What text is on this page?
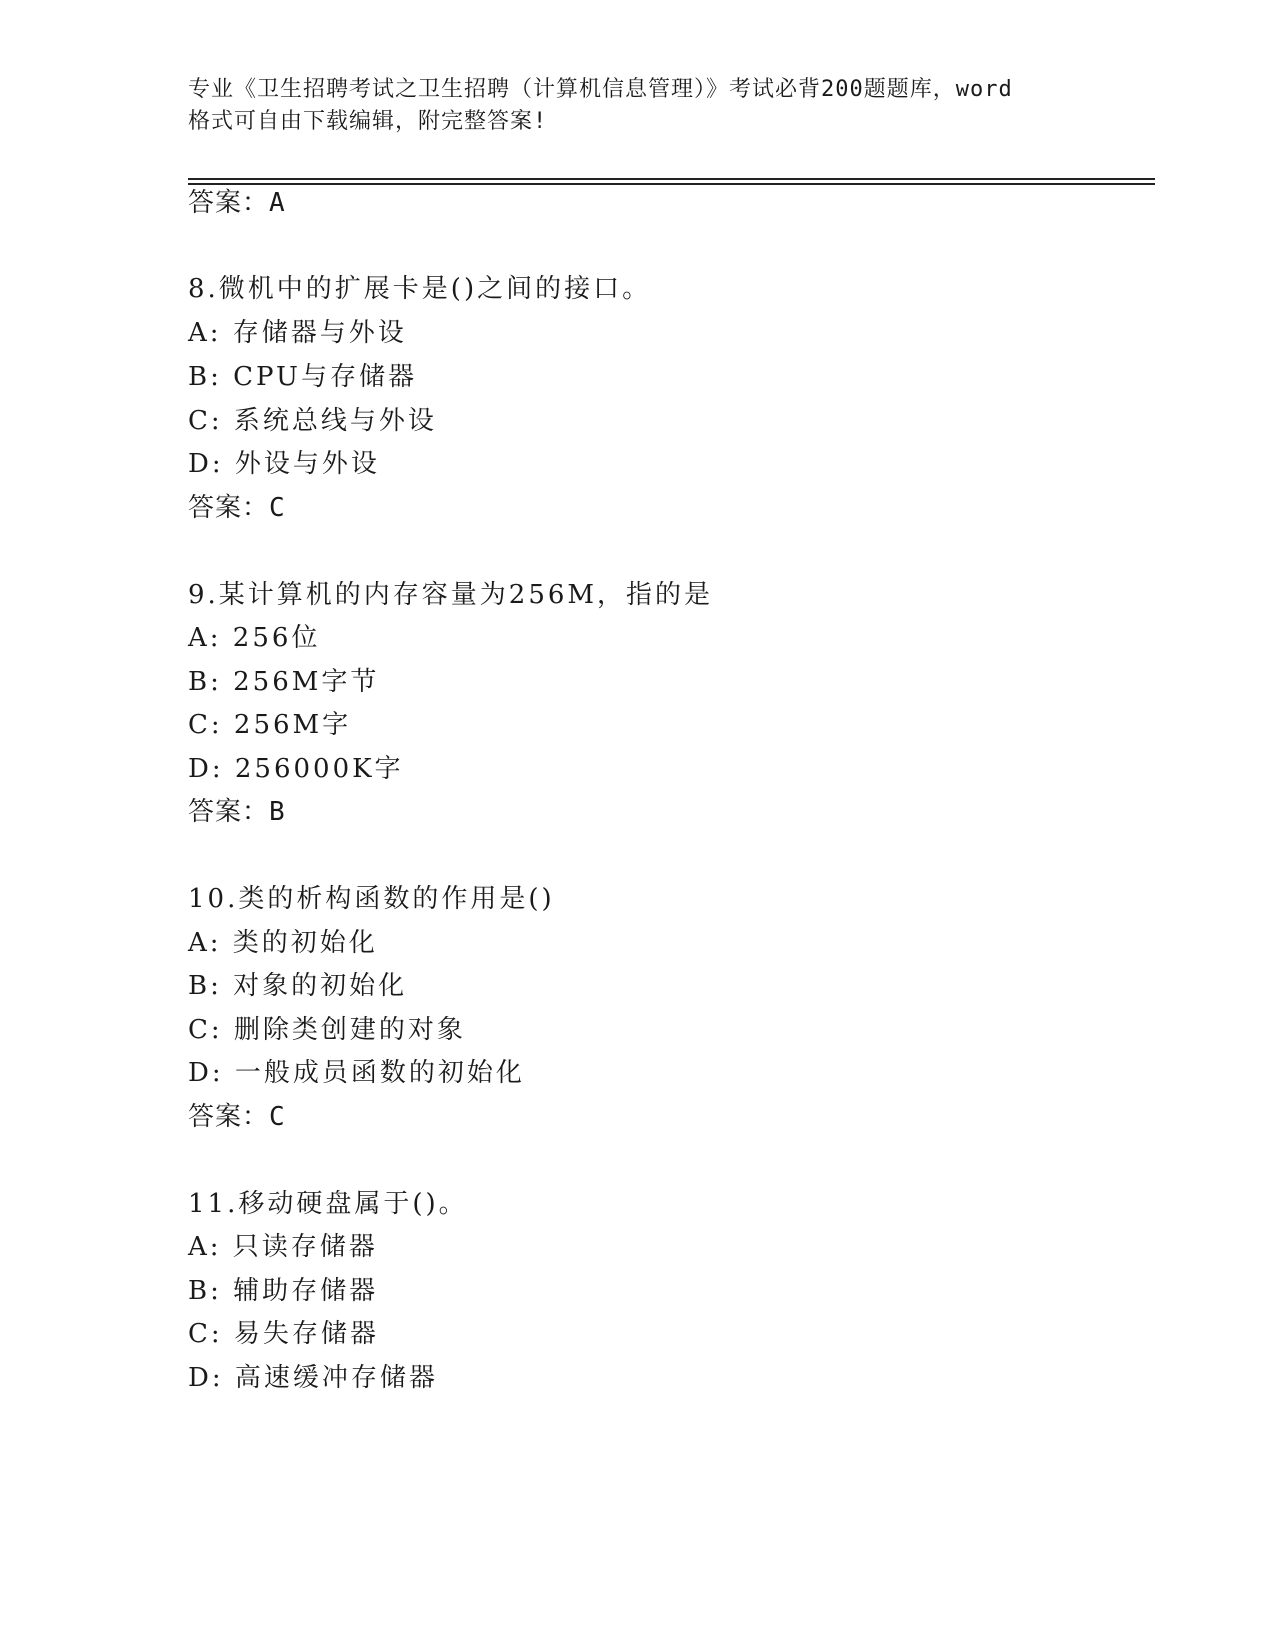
专业《卫生招聘考试之卫生招聘（计算机信息管理）》考试必背200题题库，word
格式可自由下载编辑，附完整答案!
答案：A
8.微机中的扩展卡是()之间的接口。
A: 存储器与外设
B: CPU与存储器
C: 系统总线与外设
D: 外设与外设
答案：C
9.某计算机的内存容量为256M，指的是
A: 256位
B: 256M字节
C: 256M字
D: 256000K字
答案：B
10.类的析构函数的作用是()
A: 类的初始化
B: 对象的初始化
C: 删除类创建的对象
D: 一般成员函数的初始化
答案：C
11.移动硬盘属于()。
A: 只读存储器
B: 辅助存储器
C: 易失存储器
D: 高速缓冲存储器
